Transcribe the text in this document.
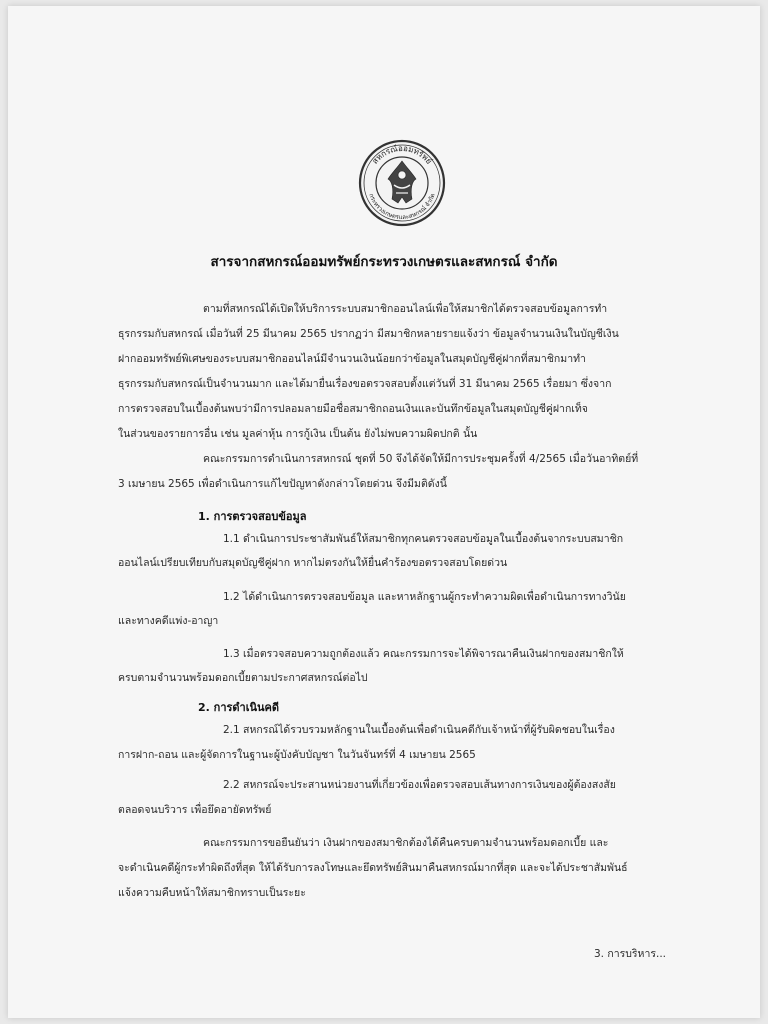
สหกรณ์ออมทรัพย์
กระทรวงเกษตรและสหกรณ์ จำกัด
สารจากสหกรณ์ออมทรัพย์กระทรวงเกษตรและสหกรณ์ จำกัด
ตามที่สหกรณ์ได้เปิดให้บริการระบบสมาชิกออนไลน์เพื่อให้สมาชิกได้ตรวจสอบข้อมูลการทำ
ธุรกรรมกับสหกรณ์ เมื่อวันที่ 25 มีนาคม 2565 ปรากฏว่า มีสมาชิกหลายรายแจ้งว่า ข้อมูลจำนวนเงินในบัญชีเงิน
ฝากออมทรัพย์พิเศษของระบบสมาชิกออนไลน์มีจำนวนเงินน้อยกว่าข้อมูลในสมุดบัญชีคู่ฝากที่สมาชิกมาทำ
ธุรกรรมกับสหกรณ์เป็นจำนวนมาก และได้มายื่นเรื่องขอตรวจสอบตั้งแต่วันที่ 31 มีนาคม 2565 เรื่อยมา ซึ่งจาก
การตรวจสอบในเบื้องต้นพบว่ามีการปลอมลายมือชื่อสมาชิกถอนเงินและบันทึกข้อมูลในสมุดบัญชีคู่ฝากเท็จ
ในส่วนของรายการอื่น เช่น มูลค่าหุ้น การกู้เงิน เป็นต้น ยังไม่พบความผิดปกติ นั้น
คณะกรรมการดำเนินการสหกรณ์ ชุดที่ 50 จึงได้จัดให้มีการประชุมครั้งที่ 4/2565 เมื่อวันอาทิตย์ที่
3 เมษายน 2565 เพื่อดำเนินการแก้ไขปัญหาดังกล่าวโดยด่วน จึงมีมติดังนี้
1. การตรวจสอบข้อมูล
1.1 ดำเนินการประชาสัมพันธ์ให้สมาชิกทุกคนตรวจสอบข้อมูลในเบื้องต้นจากระบบสมาชิก
ออนไลน์เปรียบเทียบกับสมุดบัญชีคู่ฝาก หากไม่ตรงกันให้ยื่นคำร้องขอตรวจสอบโดยด่วน
1.2 ได้ดำเนินการตรวจสอบข้อมูล และหาหลักฐานผู้กระทำความผิดเพื่อดำเนินการทางวินัย
และทางคดีแพ่ง-อาญา
1.3 เมื่อตรวจสอบความถูกต้องแล้ว คณะกรรมการจะได้พิจารณาคืนเงินฝากของสมาชิกให้
ครบตามจำนวนพร้อมดอกเบี้ยตามประกาศสหกรณ์ต่อไป
2. การดำเนินคดี
2.1 สหกรณ์ได้รวบรวมหลักฐานในเบื้องต้นเพื่อดำเนินคดีกับเจ้าหน้าที่ผู้รับผิดชอบในเรื่อง
การฝาก-ถอน และผู้จัดการในฐานะผู้บังคับบัญชา ในวันจันทร์ที่ 4 เมษายน 2565
2.2 สหกรณ์จะประสานหน่วยงานที่เกี่ยวข้องเพื่อตรวจสอบเส้นทางการเงินของผู้ต้องสงสัย
ตลอดจนบริวาร เพื่อยึดอายัดทรัพย์
คณะกรรมการขอยืนยันว่า เงินฝากของสมาชิกต้องได้คืนครบตามจำนวนพร้อมดอกเบี้ย และ
จะดำเนินคดีผู้กระทำผิดถึงที่สุด ให้ได้รับการลงโทษและยึดทรัพย์สินมาคืนสหกรณ์มากที่สุด และจะได้ประชาสัมพันธ์
แจ้งความคืบหน้าให้สมาชิกทราบเป็นระยะ
3. การบริหาร...
